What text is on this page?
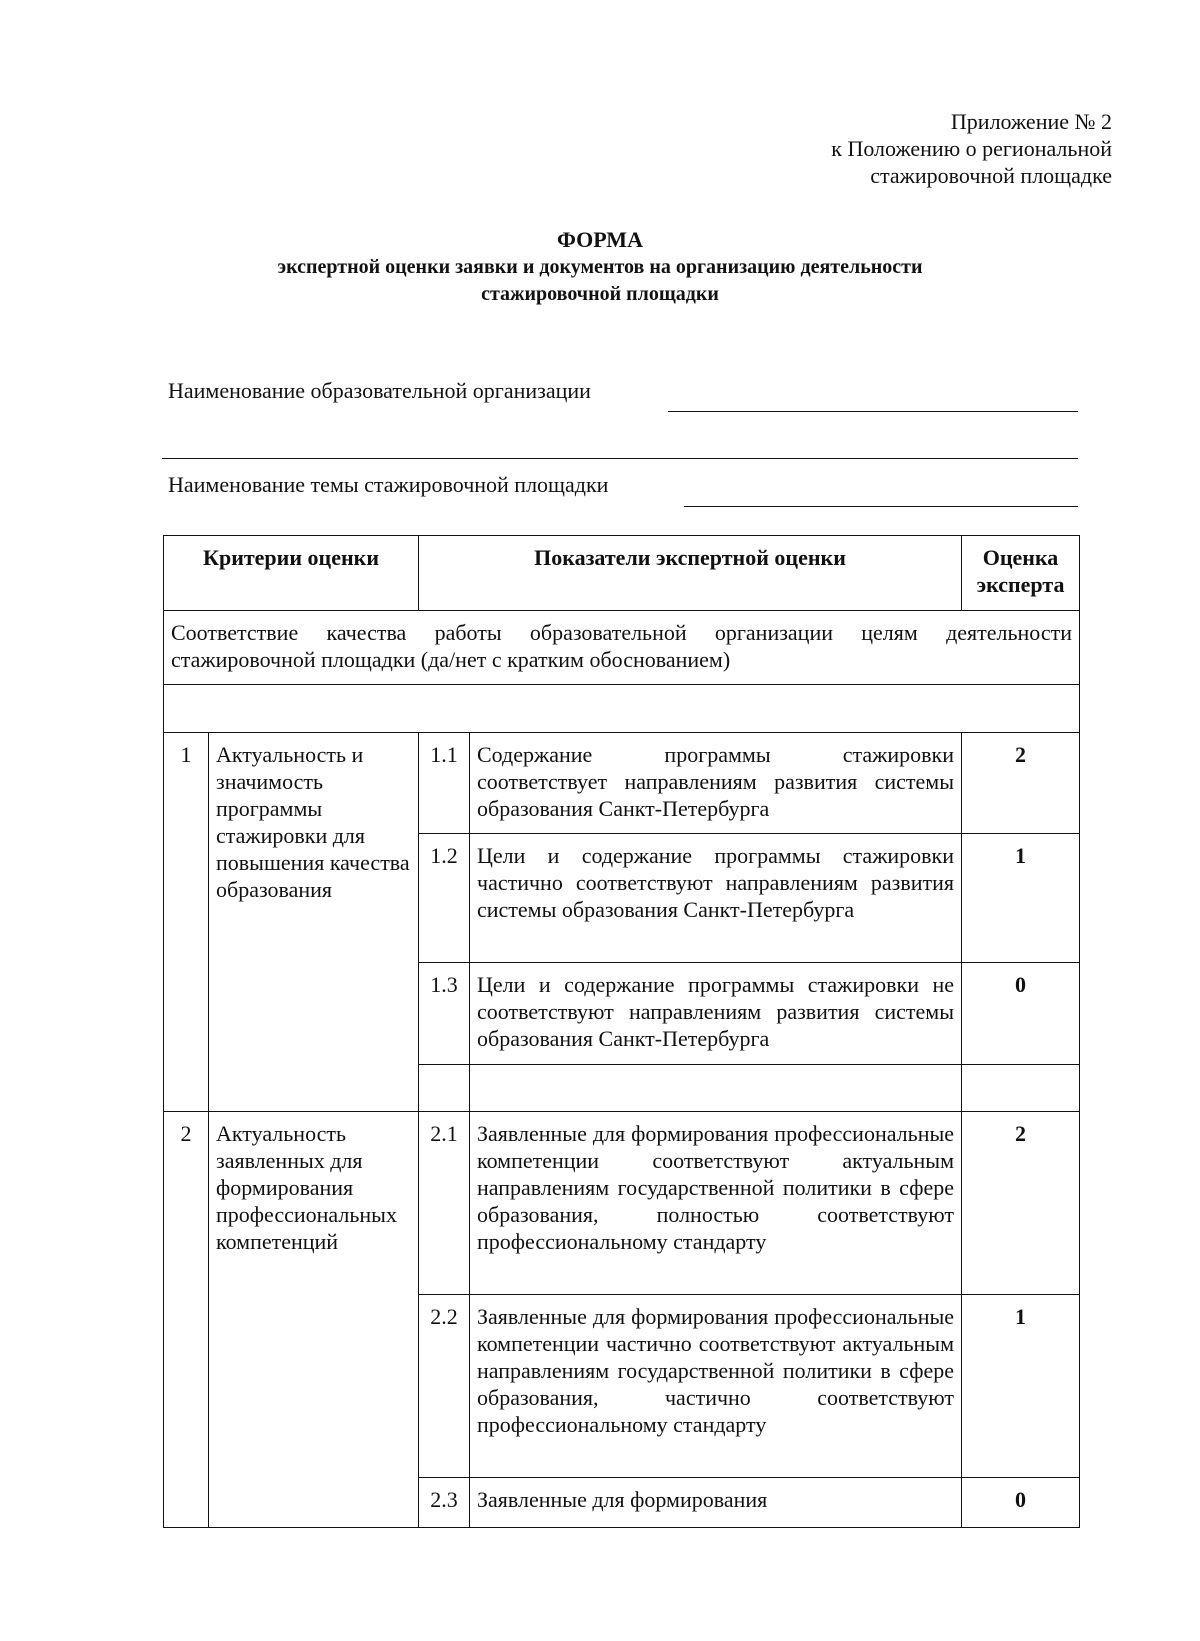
Приложение № 2
к Положению о региональной
стажировочной площадке
ФОРМА
экспертной оценки заявки и документов на организацию деятельности
стажировочной площадки
Наименование образовательной организации
Наименование темы стажировочной площадки
Критерии оценки		Показатели экспертной оценки		Оценка эксперта
Соответствие качества работы образовательной организации целям деятельности стажировочной площадки (да/нет с кратким обоснованием)				

1	Актуальность и значимость программы стажировки для повышения качества образования	1.1	Содержание программы стажировки соответствует направлениям развития системы образования Санкт-Петербурга	2
		1.2	Цели и содержание программы стажировки частично соответствуют направлениям развития системы образования Санкт-Петербурга	1
		1.3	Цели и содержание программы стажировки не соответствуют направлениям развития системы образования Санкт-Петербурга	0

2	Актуальность заявленных для формирования профессиональных компетенций	2.1	Заявленные для формирования профессиональные компетенции соответствуют актуальным направлениям государственной политики в сфере образования, полностью соответствуют профессиональному стандарту	2
		2.2	Заявленные для формирования профессиональные компетенции частично соответствуют актуальным направлениям государственной политики в сфере образования, частично соответствуют профессиональному стандарту	1
		2.3	Заявленные для формирования	0
